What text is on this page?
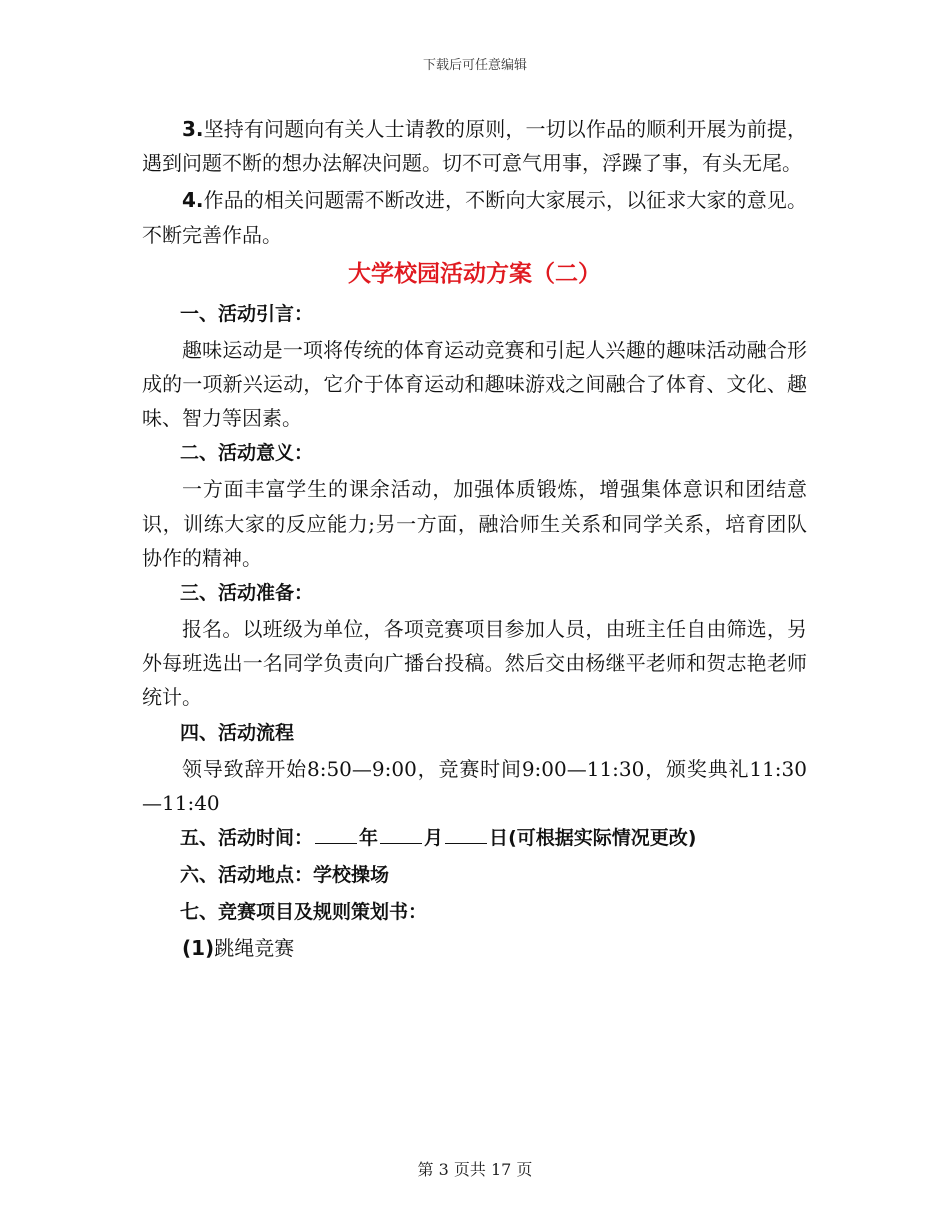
下载后可任意编辑

3.坚持有问题向有关人士请教的原则，一切以作品的顺利开展为前提，遇到问题不断的想办法解决问题。切不可意气用事，浮躁了事，有头无尾。

4.作品的相关问题需不断改进，不断向大家展示，以征求大家的意见。不断完善作品。

大学校园活动方案（二）

一、活动引言：

趣味运动是一项将传统的体育运动竞赛和引起人兴趣的趣味活动融合形成的一项新兴运动，它介于体育运动和趣味游戏之间融合了体育、文化、趣味、智力等因素。

二、活动意义：

一方面丰富学生的课余活动，加强体质锻炼，增强集体意识和团结意识，训练大家的反应能力;另一方面，融洽师生关系和同学关系，培育团队协作的精神。

三、活动准备：

报名。以班级为单位，各项竞赛项目参加人员，由班主任自由筛选，另外每班选出一名同学负责向广播台投稿。然后交由杨继平老师和贺志艳老师统计。

四、活动流程

领导致辞开始8:50—9:00，竞赛时间9:00—11:30，颁奖典礼11:30—11:40

五、活动时间： 年 月 日(可根据实际情况更改)

六、活动地点：学校操场

七、竞赛项目及规则策划书：

(1)跳绳竞赛

第 3 页共 17 页
